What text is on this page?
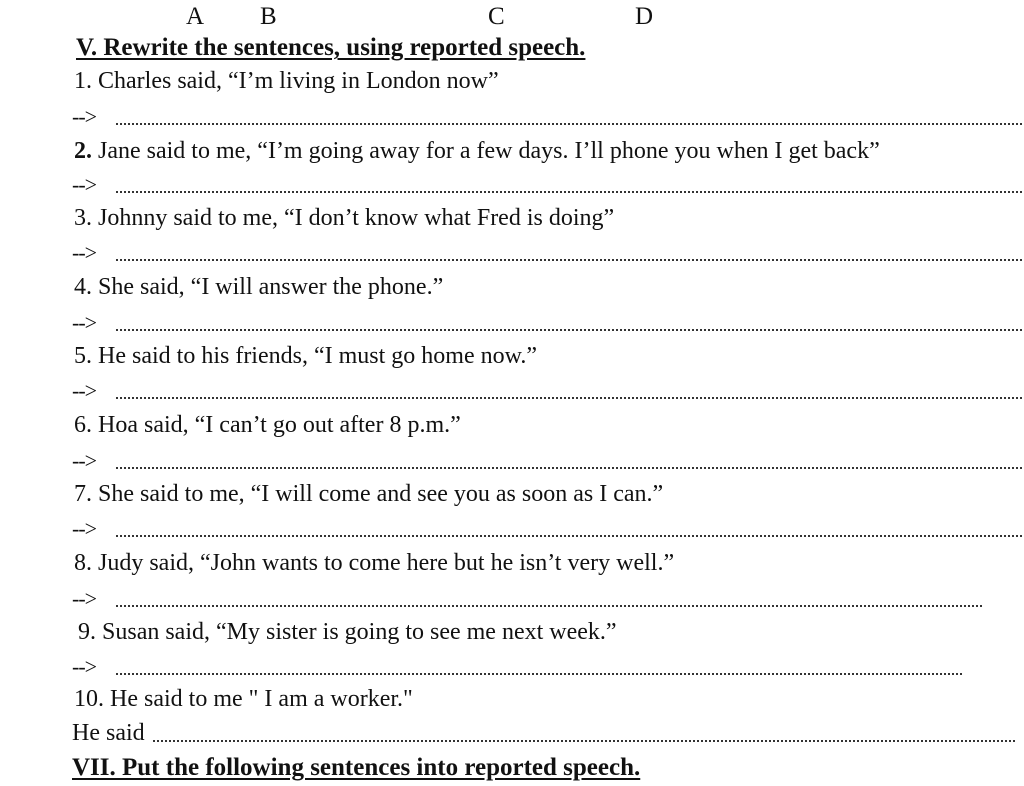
A B	C	D
V. Rewrite the sentences, using reported speech.
1. Charles said, “I’m living in London now”
-->
2. Jane said to me, “I’m going away for a few days. I’ll phone you when I get back”
-->
3. Johnny said to me, “I don’t know what Fred is doing”
-->
4. She said, “I will answer the phone.”
-->
5. He said to his friends, “I must go home now.”
-->
6. Hoa said, “I can’t go out after 8 p.m.”
-->
7. She said to me, “I will come and see you as soon as I can.”
-->
8. Judy said, “John wants to come here but he isn’t very well.”
-->
9. Susan said, “My sister is going to see me next week.”
-->
10. He said to me " I am a worker."
He said
VII. Put the following sentences into reported speech.
